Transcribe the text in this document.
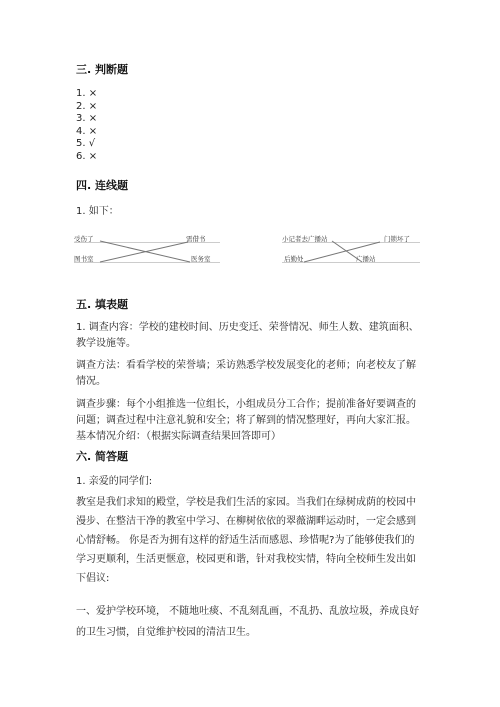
三. 判断题
1. ×
2. ×
3. ×
4. ×
5. √
6. ×
四. 连线题
1. 如下：
受伤了
图书室
需借书
医务室
小记者去广播站
后勤处
门锁坏了
广播站
五. 填表题
1. 调查内容：学校的建校时间、历史变迁、荣誉情况、师生人数、建筑面积、
教学设施等。
调查方法：看看学校的荣誉墙；采访熟悉学校发展变化的老师；向老校友了解
情况。
调查步骤：每个小组推选一位组长，小组成员分工合作；提前准备好要调查的
问题；调查过程中注意礼貌和安全；将了解到的情况整理好，再向大家汇报。
基本情况介绍：（根据实际调查结果回答即可）
六. 简答题
1. 亲爱的同学们:
教室是我们求知的殿堂，学校是我们生活的家园。当我们在绿树成荫的校园中
漫步、在整洁干净的教室中学习、在柳树依依的翠薇湖畔运动时，一定会感到
心情舒畅。 你是否为拥有这样的舒适生活而感恩、珍惜呢?为了能够使我们的
学习更顺利，生活更惬意，校园更和谐，针对我校实情，特向全校师生发出如
下倡议:
一、爱护学校环境， 不随地吐痰、不乱刻乱画，不乱扔、乱放垃圾，养成良好
的卫生习惯，自觉维护校园的清洁卫生。
